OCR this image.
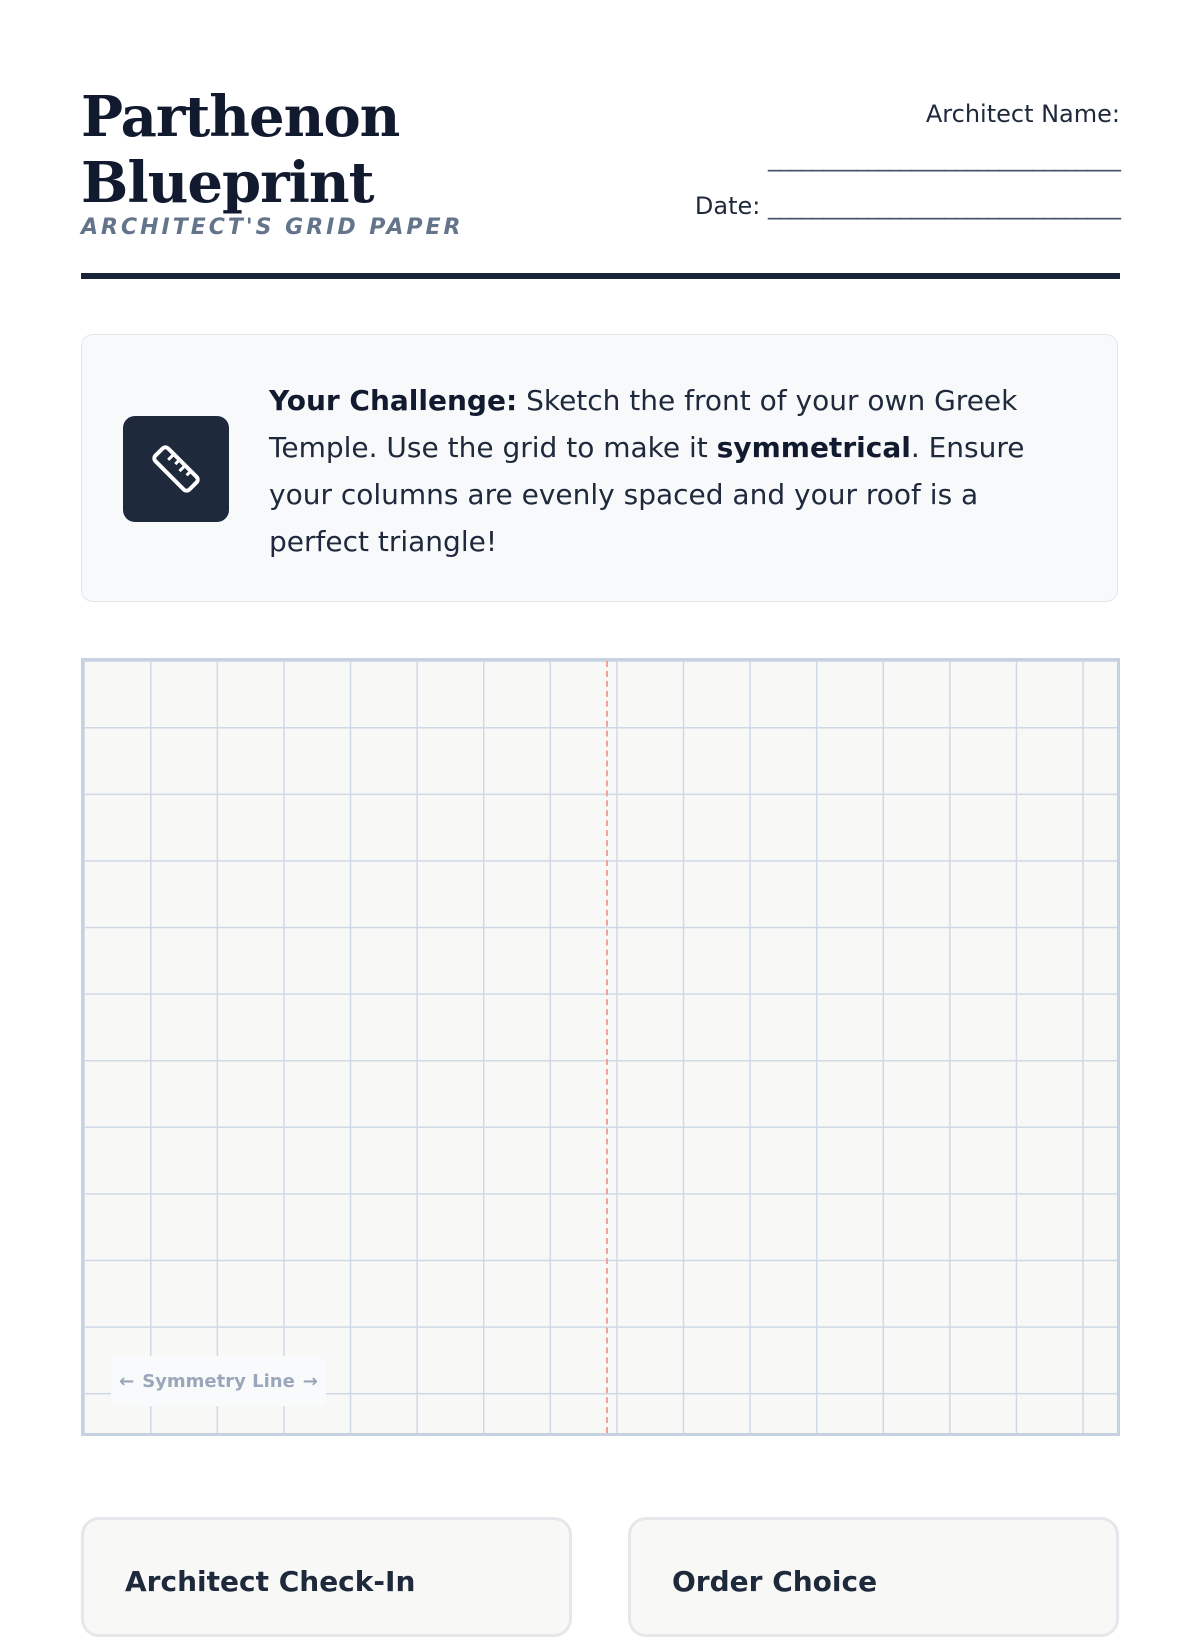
Parthenon
Blueprint
ARCHITECT'S GRID PAPER
Architect Name:
________________________________
Date: ________________________________

Your Challenge: Sketch the front of your own Greek Temple. Use the grid to make it symmetrical. Ensure your columns are evenly spaced and your roof is a perfect triangle!

← Symmetry Line →
Architect Check-In	Order Choice
